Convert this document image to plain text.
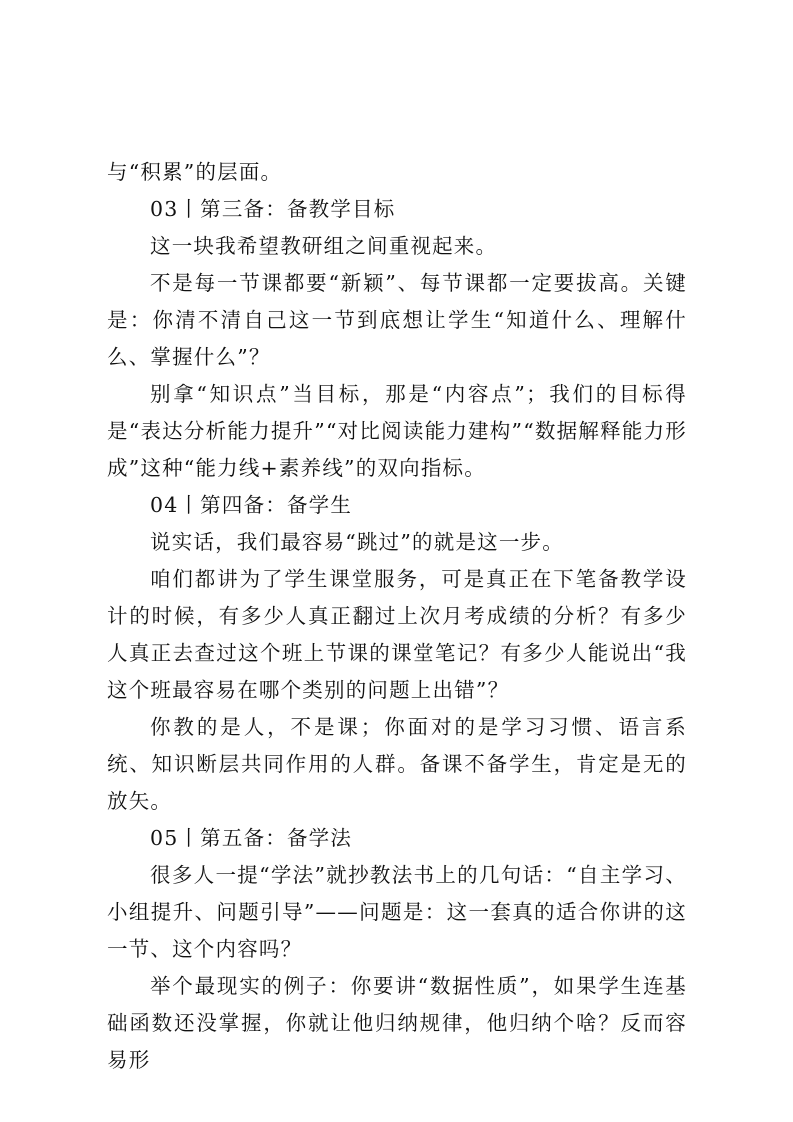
与“积累”的层面。

03丨第三备：备教学目标

这一块我希望教研组之间重视起来。

不是每一节课都要“新颖”、每节课都一定要拔高。关键是：你清不清自己这一节到底想让学生“知道什么、理解什么、掌握什么”？

别拿“知识点”当目标，那是“内容点”；我们的目标得是“表达分析能力提升”“对比阅读能力建构”“数据解释能力形成”这种“能力线+素养线”的双向指标。

04丨第四备：备学生

说实话，我们最容易“跳过”的就是这一步。

咱们都讲为了学生课堂服务，可是真正在下笔备教学设计的时候，有多少人真正翻过上次月考成绩的分析？有多少人真正去查过这个班上节课的课堂笔记？有多少人能说出“我这个班最容易在哪个类别的问题上出错”？

你教的是人，不是课；你面对的是学习习惯、语言系统、知识断层共同作用的人群。备课不备学生，肯定是无的放矢。

05丨第五备：备学法

很多人一提“学法”就抄教法书上的几句话：“自主学习、小组提升、问题引导”——问题是：这一套真的适合你讲的这一节、这个内容吗？

举个最现实的例子：你要讲“数据性质”，如果学生连基础函数还没掌握，你就让他归纳规律，他归纳个啥？反而容易形
